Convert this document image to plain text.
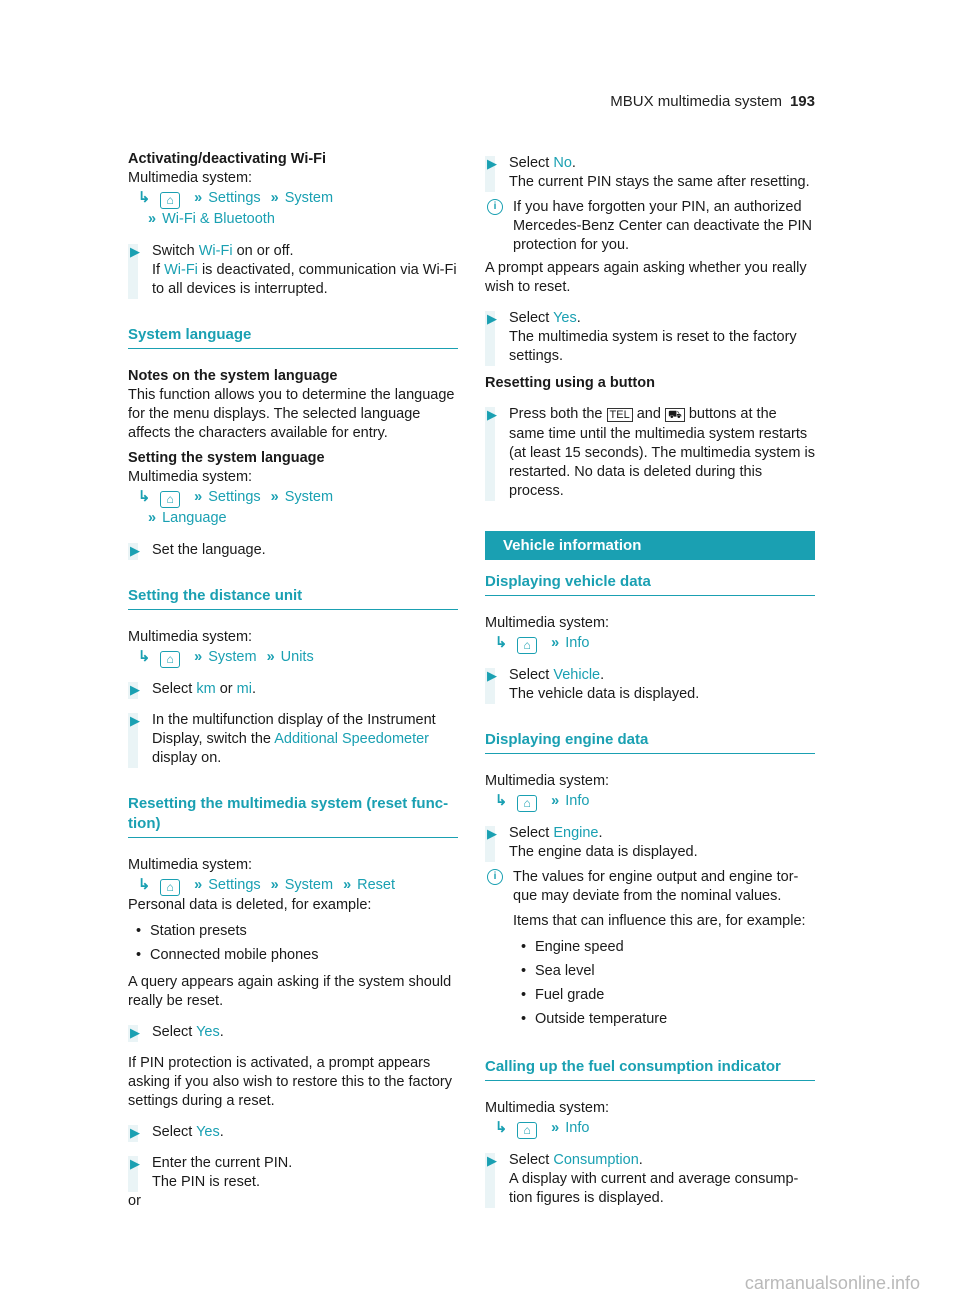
MBUX multimedia system 193

Activating/deactivating Wi-Fi

Multimedia system:

↳ ⌂ » Settings » System
» Wi-Fi & Bluetooth
▶ Switch Wi-Fi on or off.

If Wi-Fi is deactivated, communication via Wi-Fi to all devices is interrupted.

System language

Notes on the system language

This function allows you to determine the language for the menu displays. The selected language affects the characters available for entry.

Setting the system language

Multimedia system:

↳ ⌂ » Settings » System
» Language
▶ Set the language.

Setting the distance unit

Multimedia system:

↳ ⌂ » System » Units
▶ Select km or mi.

▶ In the multifunction display of the Instrument Display, switch the Additional Speedometer display on.

Resetting the multimedia system (reset function)

Multimedia system:

↳ ⌂ » Settings » System » Reset

Personal data is deleted, for example:

• Station presets
• Connected mobile phones

A query appears again asking if the system should really be reset.

▶ Select Yes.

If PIN protection is activated, a prompt appears asking if you also wish to restore this to the factory settings during a reset.

▶ Select Yes.

▶ Enter the current PIN.

The PIN is reset.

or

▶ Select No.

The current PIN stays the same after resetting.

i	If you have forgotten your PIN, an authorized Mercedes-Benz Center can deactivate the PIN protection for you.

A prompt appears again asking whether you really wish to reset.

▶ Select Yes.

The multimedia system is reset to the factory settings.

Resetting using a button

▶ Press both the TEL and ⛟ buttons at the same time until the multimedia system restarts (at least 15 seconds). The multimedia system is restarted. No data is deleted during this process.

Vehicle information
Displaying vehicle data

Multimedia system:

↳ ⌂ » Info
▶ Select Vehicle.

The vehicle data is displayed.

Displaying engine data

Multimedia system:

↳ ⌂ » Info
▶ Select Engine.

The engine data is displayed.

i	The values for engine output and engine torque may deviate from the nominal values.

Items that can influence this are, for example:

• Engine speed
• Sea level
• Fuel grade
• Outside temperature
Calling up the fuel consumption indicator

Multimedia system:

↳ ⌂ » Info
▶ Select Consumption.

A display with current and average consumption figures is displayed.

carmanualsonline.info
